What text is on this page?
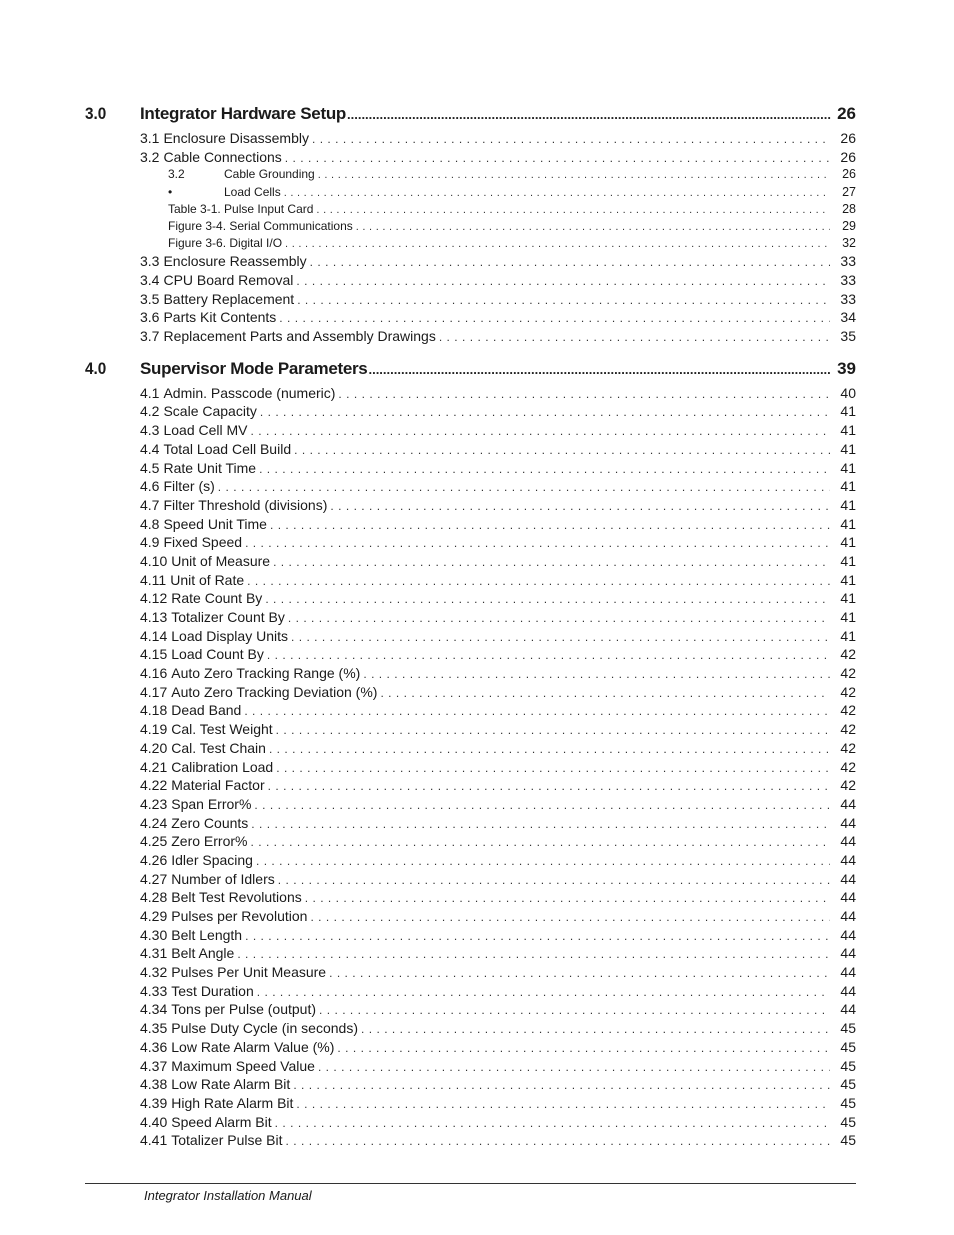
3.0	Integrator Hardware Setup .....	26
3.1 Enclosure Disassembly .....	26
3.2 Cable Connections .....	26
3.2	Cable Grounding .....	26
•	Load Cells .....	27
Table 3-1. Pulse Input Card .....	28
Figure 3-4. Serial Communications .....	29
Figure 3-6. Digital I/O .....	32
3.3 Enclosure Reassembly .....	33
3.4 CPU Board Removal .....	33
3.5 Battery Replacement .....	33
3.6 Parts Kit Contents .....	34
3.7 Replacement Parts and Assembly Drawings .....	35
4.0	Supervisor Mode Parameters .....	39
4.1 Admin. Passcode (numeric) .....	40
4.2 Scale Capacity .....	41
4.3 Load Cell MV .....	41
4.4 Total Load Cell Build .....	41
4.5 Rate Unit Time .....	41
4.6 Filter (s) .....	41
4.7 Filter Threshold (divisions) .....	41
4.8 Speed Unit Time .....	41
4.9 Fixed Speed .....	41
4.10 Unit of Measure .....	41
4.11 Unit of Rate .....	41
4.12 Rate Count By .....	41
4.13 Totalizer Count By .....	41
4.14 Load Display Units .....	41
4.15 Load Count By .....	42
4.16 Auto Zero Tracking Range (%) .....	42
4.17 Auto Zero Tracking Deviation (%) .....	42
4.18 Dead Band .....	42
4.19 Cal. Test Weight .....	42
4.20 Cal. Test Chain .....	42
4.21 Calibration Load .....	42
4.22 Material Factor .....	42
4.23 Span Error% .....	44
4.24 Zero Counts .....	44
4.25 Zero Error% .....	44
4.26 Idler Spacing .....	44
4.27 Number of Idlers .....	44
4.28 Belt Test Revolutions .....	44
4.29 Pulses per Revolution .....	44
4.30 Belt Length .....	44
4.31 Belt Angle .....	44
4.32 Pulses Per Unit Measure .....	44
4.33 Test Duration .....	44
4.34 Tons per Pulse (output) .....	44
4.35 Pulse Duty Cycle (in seconds) .....	45
4.36 Low Rate Alarm Value (%) .....	45
4.37 Maximum Speed Value .....	45
4.38 Low Rate Alarm Bit .....	45
4.39 High Rate Alarm Bit .....	45
4.40 Speed Alarm Bit .....	45
4.41 Totalizer Pulse Bit .....	45
Integrator Installation Manual
